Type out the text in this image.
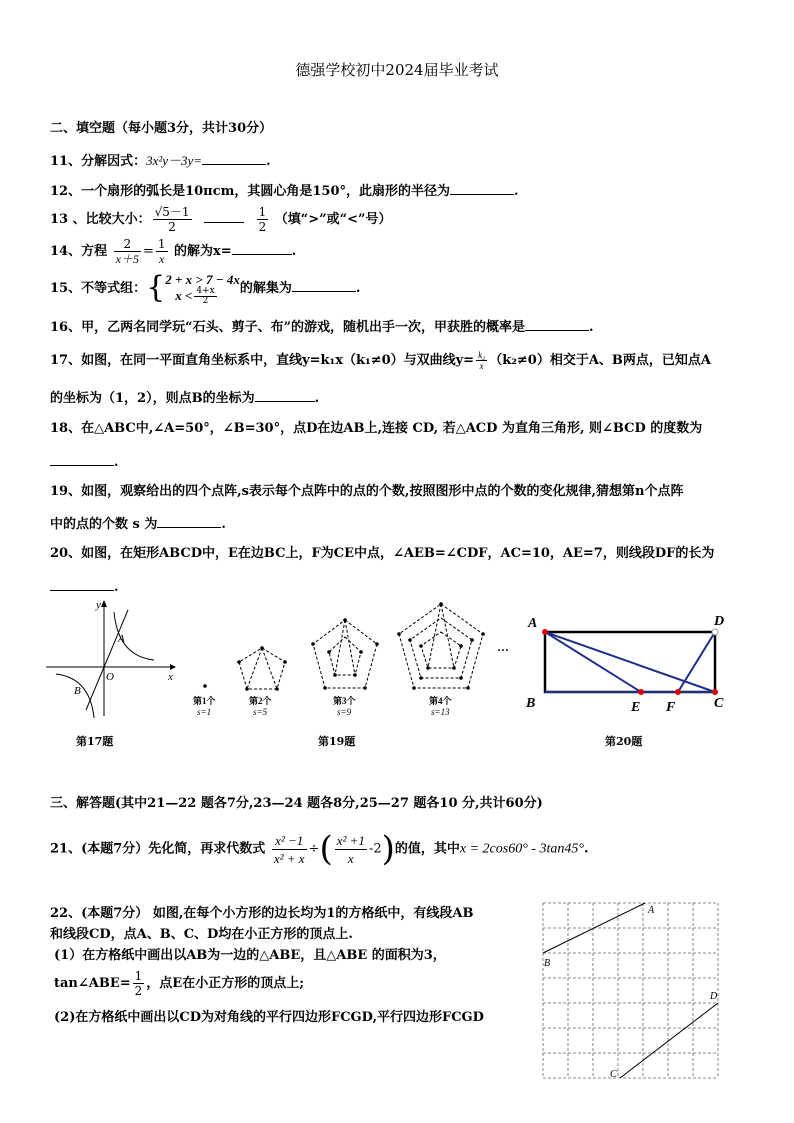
德强学校初中2024届毕业考试
二、填空题（每小题3分，共计30分）
11、分解因式：3x²y－3y=	.
12、一个扇形的弧长是10πcm，其圆心角是150°，此扇形的半径为	.
13 、比较大小： $\frac{√5-1}{2}$
	$\frac{1}{2}$ （填“>”或“<”号）
14、方程 $\frac{2}{x+5} = \frac{1}{x}$ 的解为x=	.
15、不等式组：{ 2 + x > 7 − 4x
$x < \frac{4+x}{2}$ 的解集为	.
16、甲，乙两名同学玩“石头、剪子、布”的游戏，随机出手一次，甲获胜的概率是	.
17、如图，在同一平面直角坐标系中，直线y=k₁x（k₁≠0）与双曲线$y= \frac{\text{k₂}}{x} (k_2\ne 0)$相交于A、B两点，已知点A
的坐标为（1，2），则点B的坐标为	.
18、在△ABC中,∠A=50°，∠B=30°，点D在边AB上,连接 CD, 若△ACD 为直角三角形, 则∠BCD 的度数为
.
19、如图，观察给出的四个点阵,s表示每个点阵中的点的个数,按照图形中点的个数的变化规律,猜想第n个点阵
中的点的个数 s 为	.
20、如图，在矩形ABCD中，E在边BC上，F为CE中点，∠AEB=∠CDF，AC=10，AE=7，则线段DF的长为
.
y
x
O
A
B
第17题
···
第1个
s=1
第2个
s=5
第3个
s=9
第4个
s=13
第19题
A	D
B	E F	C
第20题
三、解答题(其中21—22 题各7分,23—24 题各8分,25—27 题各10 分,共计60分)
21、(本题7分）先化简，再求代数式 $\frac{\text{x² −1}}{\text{x² + x}}$ ÷( $\frac{\text{x² +1}}{x} -2$)的值，其中x = 2cos60° - 3tan45°.
22、(本题7分） 如图,在每个小方形的边长均为1的方格纸中，有线段AB
和线段CD，点A、B、C、D均在小正方形的顶点上.
(1）在方格纸中画出以AB为一边的△ABE，且△ABE 的面积为3，
tan∠ABE= $\frac{1}{2}$ ，点E在小正方形的顶点上;
(2)在方格纸中画出以CD为对角线的平行四边形FCGD,平行四边形FCGD
A
B
C
D
